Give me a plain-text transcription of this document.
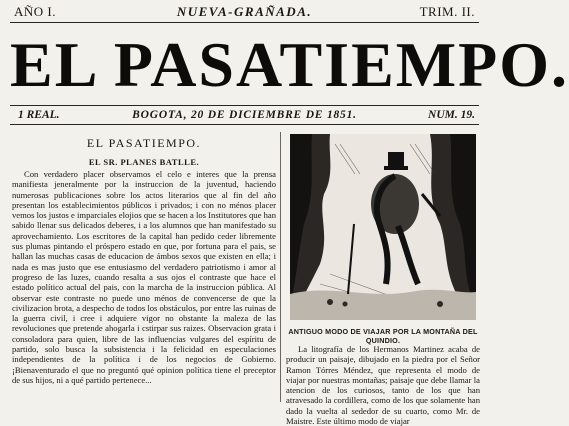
AÑO I.	NUEVA-GRAÑADA.	TRIM. II.
EL PASATIEMPO.
1 REAL.	BOGOTA, 20 DE DICIEMBRE DE 1851.	NUM. 19.
EL PASATIEMPO.
EL SR. PLANES BATLLE.

Con verdadero placer observamos el celo e interes que la prensa manifiesta jeneralmente por la instruccion de la juventud, haciendo numerosas publicaciones sobre los actos literarios que al fin del año presentan los establecimientos públicos i privados; i con no ménos placer vemos los justos e imparciales elojios que se hacen a los Institutores que han sabido llenar sus delicados deberes, i a los alumnos que han manifestado su aprovechamiento. Los escritores de la capital han pedido ceder libremente sus plumas pintando el próspero estado en que, por fortuna para el pais, se hallan las muchas casas de educacion de ámbos sexos que existen en ella; i nada es mas justo que ese entusiasmo del verdadero patriotismo i amor al progreso de las luzes, cuando resalta a sus ojos el contraste que hace el estado político actual del pais, con la marcha de la instruccion pública. Al observar este contraste no puede uno ménos de convencerse de que la civilizacion brota, a despecho de todos los obstáculos, por entre las ruinas de la guerra civil, i cree i adquiere vigor no obstante la maleza de las revoluciones que pretende ahogarla i cstirpar sus raizes. Observacion grata i consoladora para quien, libre de las influencias vulgares del espíritu de partido, solo busca la subsistencia i la felicidad en especulaciones independientes de la política i de los negocios de Gobierno. ¡Bienaventurado el que no preguntó qué opinion política tiene el preceptor de sus hijos, ni a qué partido pertenece...

ANTIGUO MODO DE VIAJAR POR LA MONTAÑA DEL QUINDIO.

La litografía de los Hermanos Martinez acaba de producir un paisaje, dibujado en la piedra por el Señor Ramon Tórres Méndez, que representa el modo de viajar por nuestras montañas; paisaje que debe llamar la atencion de los curiosos, tanto de los que han atravesado la cordillera, como de los que solamente han dado la vuelta al sededor de su cuarto, como Mr. de Maistre. Este último modo de viajar
